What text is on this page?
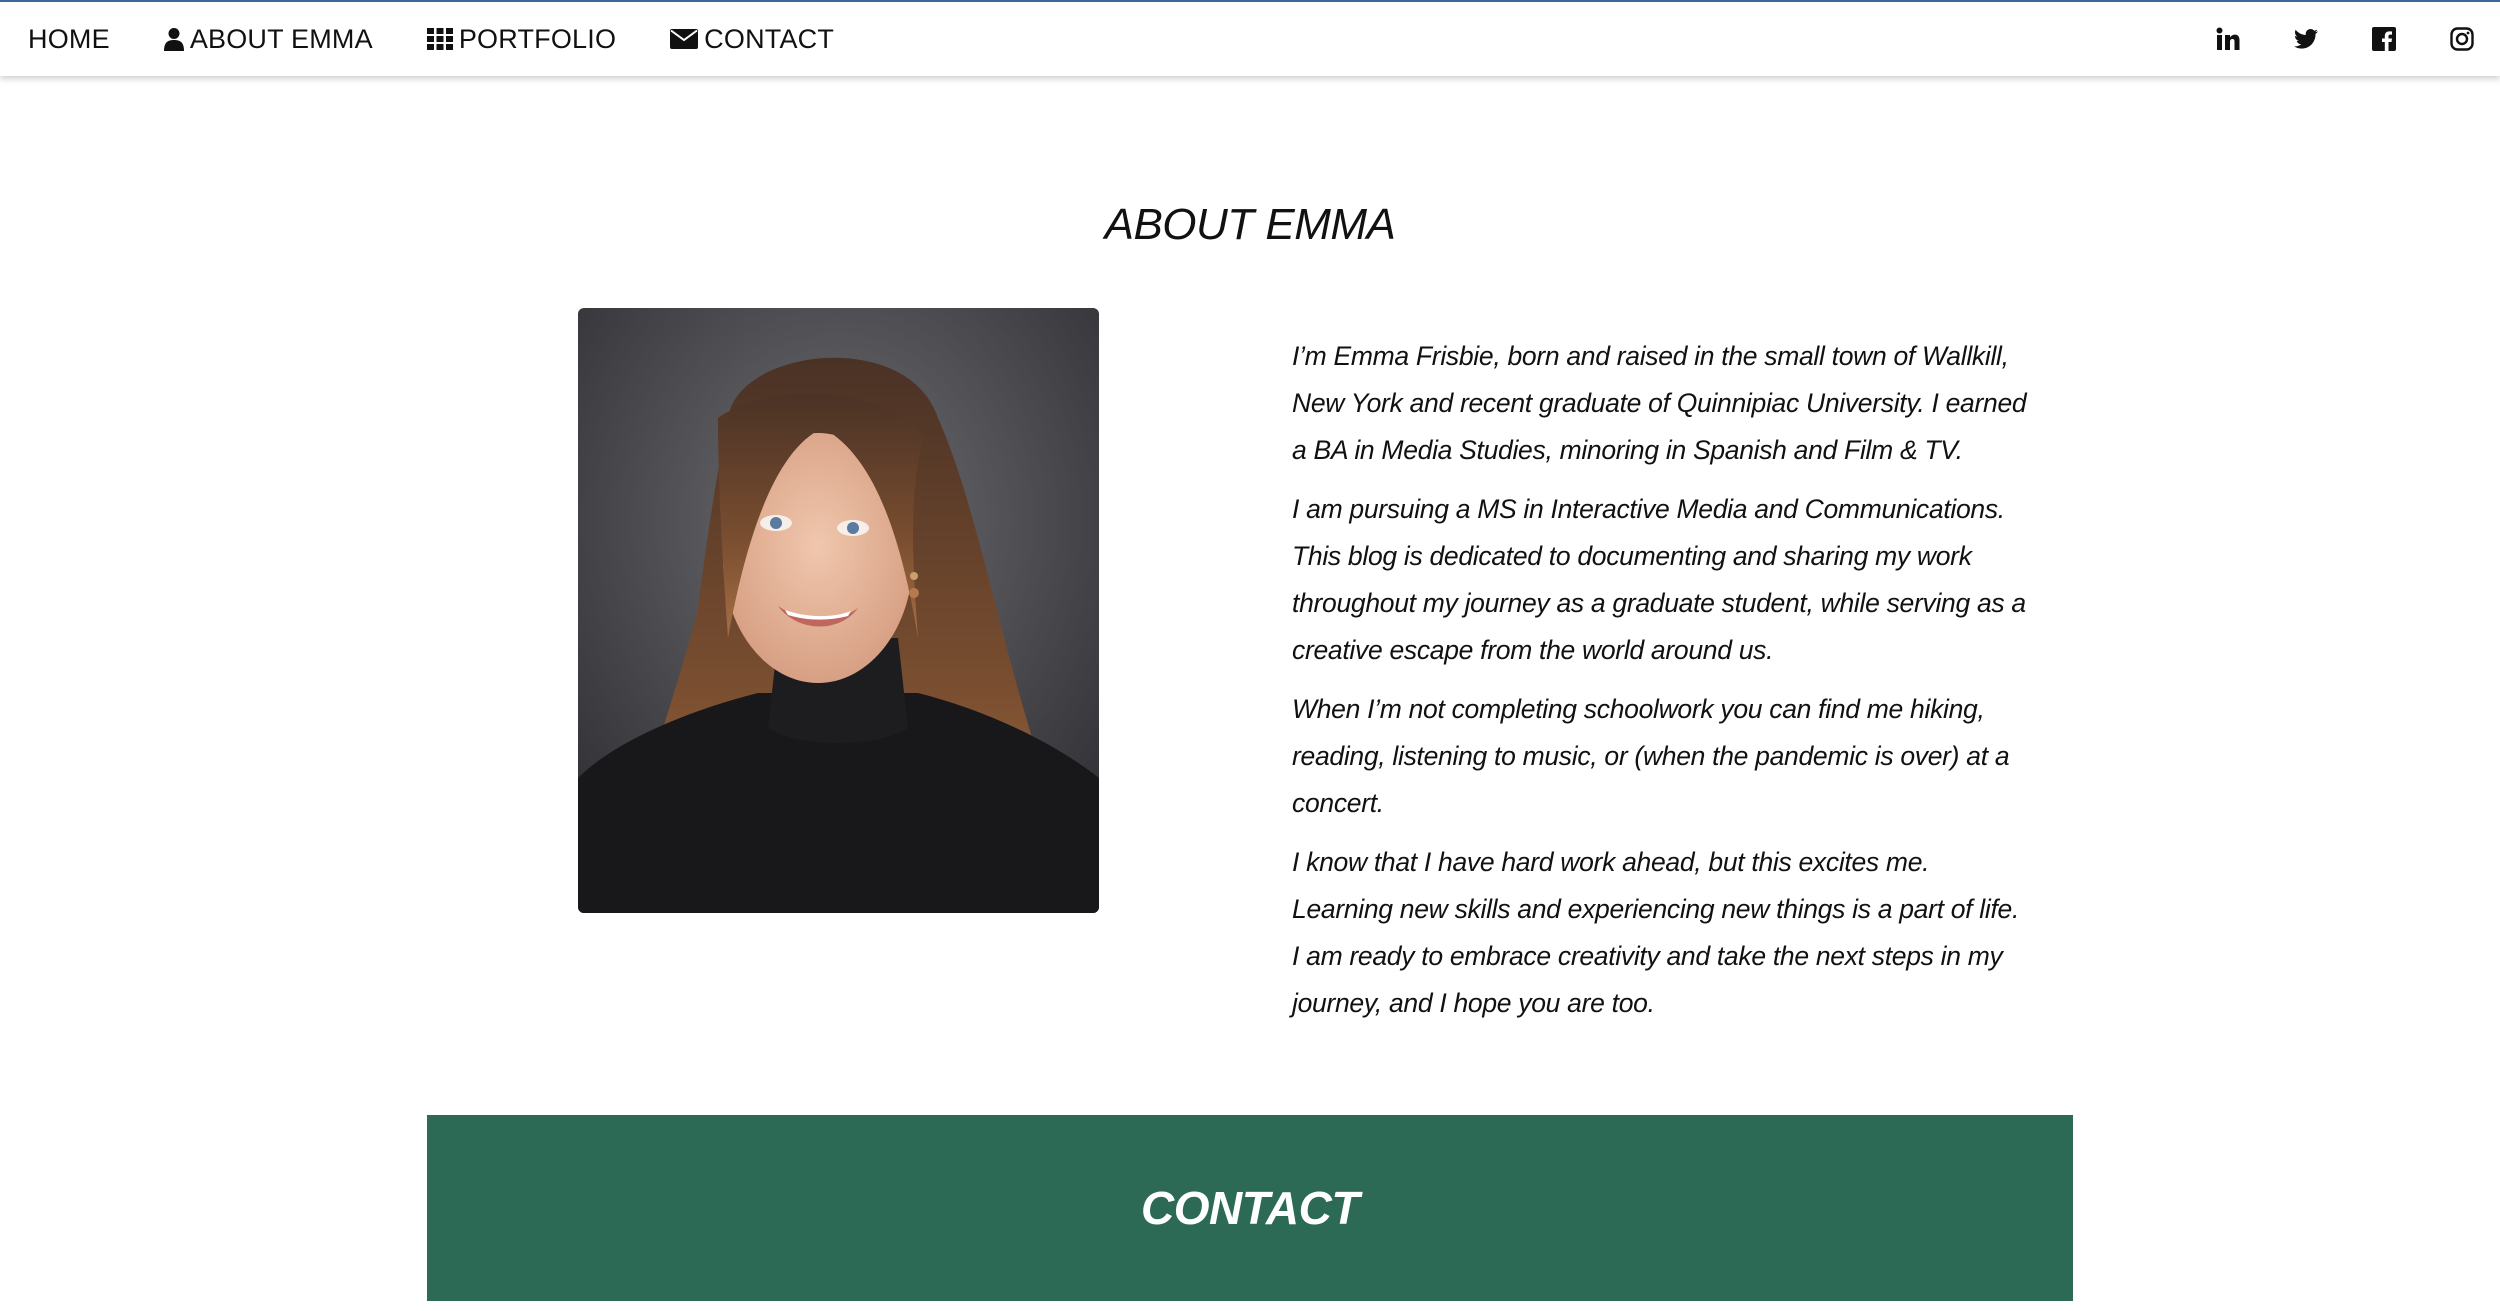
HOME	ABOUT EMMA	PORTFOLIO	CONTACT
ABOUT EMMA

I’m Emma Frisbie, born and raised in the small town of Wallkill, New York and recent graduate of Quinnipiac University. I earned a BA in Media Studies, minoring in Spanish and Film & TV.

I am pursuing a MS in Interactive Media and Communications. This blog is dedicated to documenting and sharing my work throughout my journey as a graduate student, while serving as a creative escape from the world around us.

When I’m not completing schoolwork you can find me hiking, reading, listening to music, or (when the pandemic is over) at a concert.

I know that I have hard work ahead, but this excites me. Learning new skills and experiencing new things is a part of life. I am ready to embrace creativity and take the next steps in my journey, and I hope you are too.

CONTACT
